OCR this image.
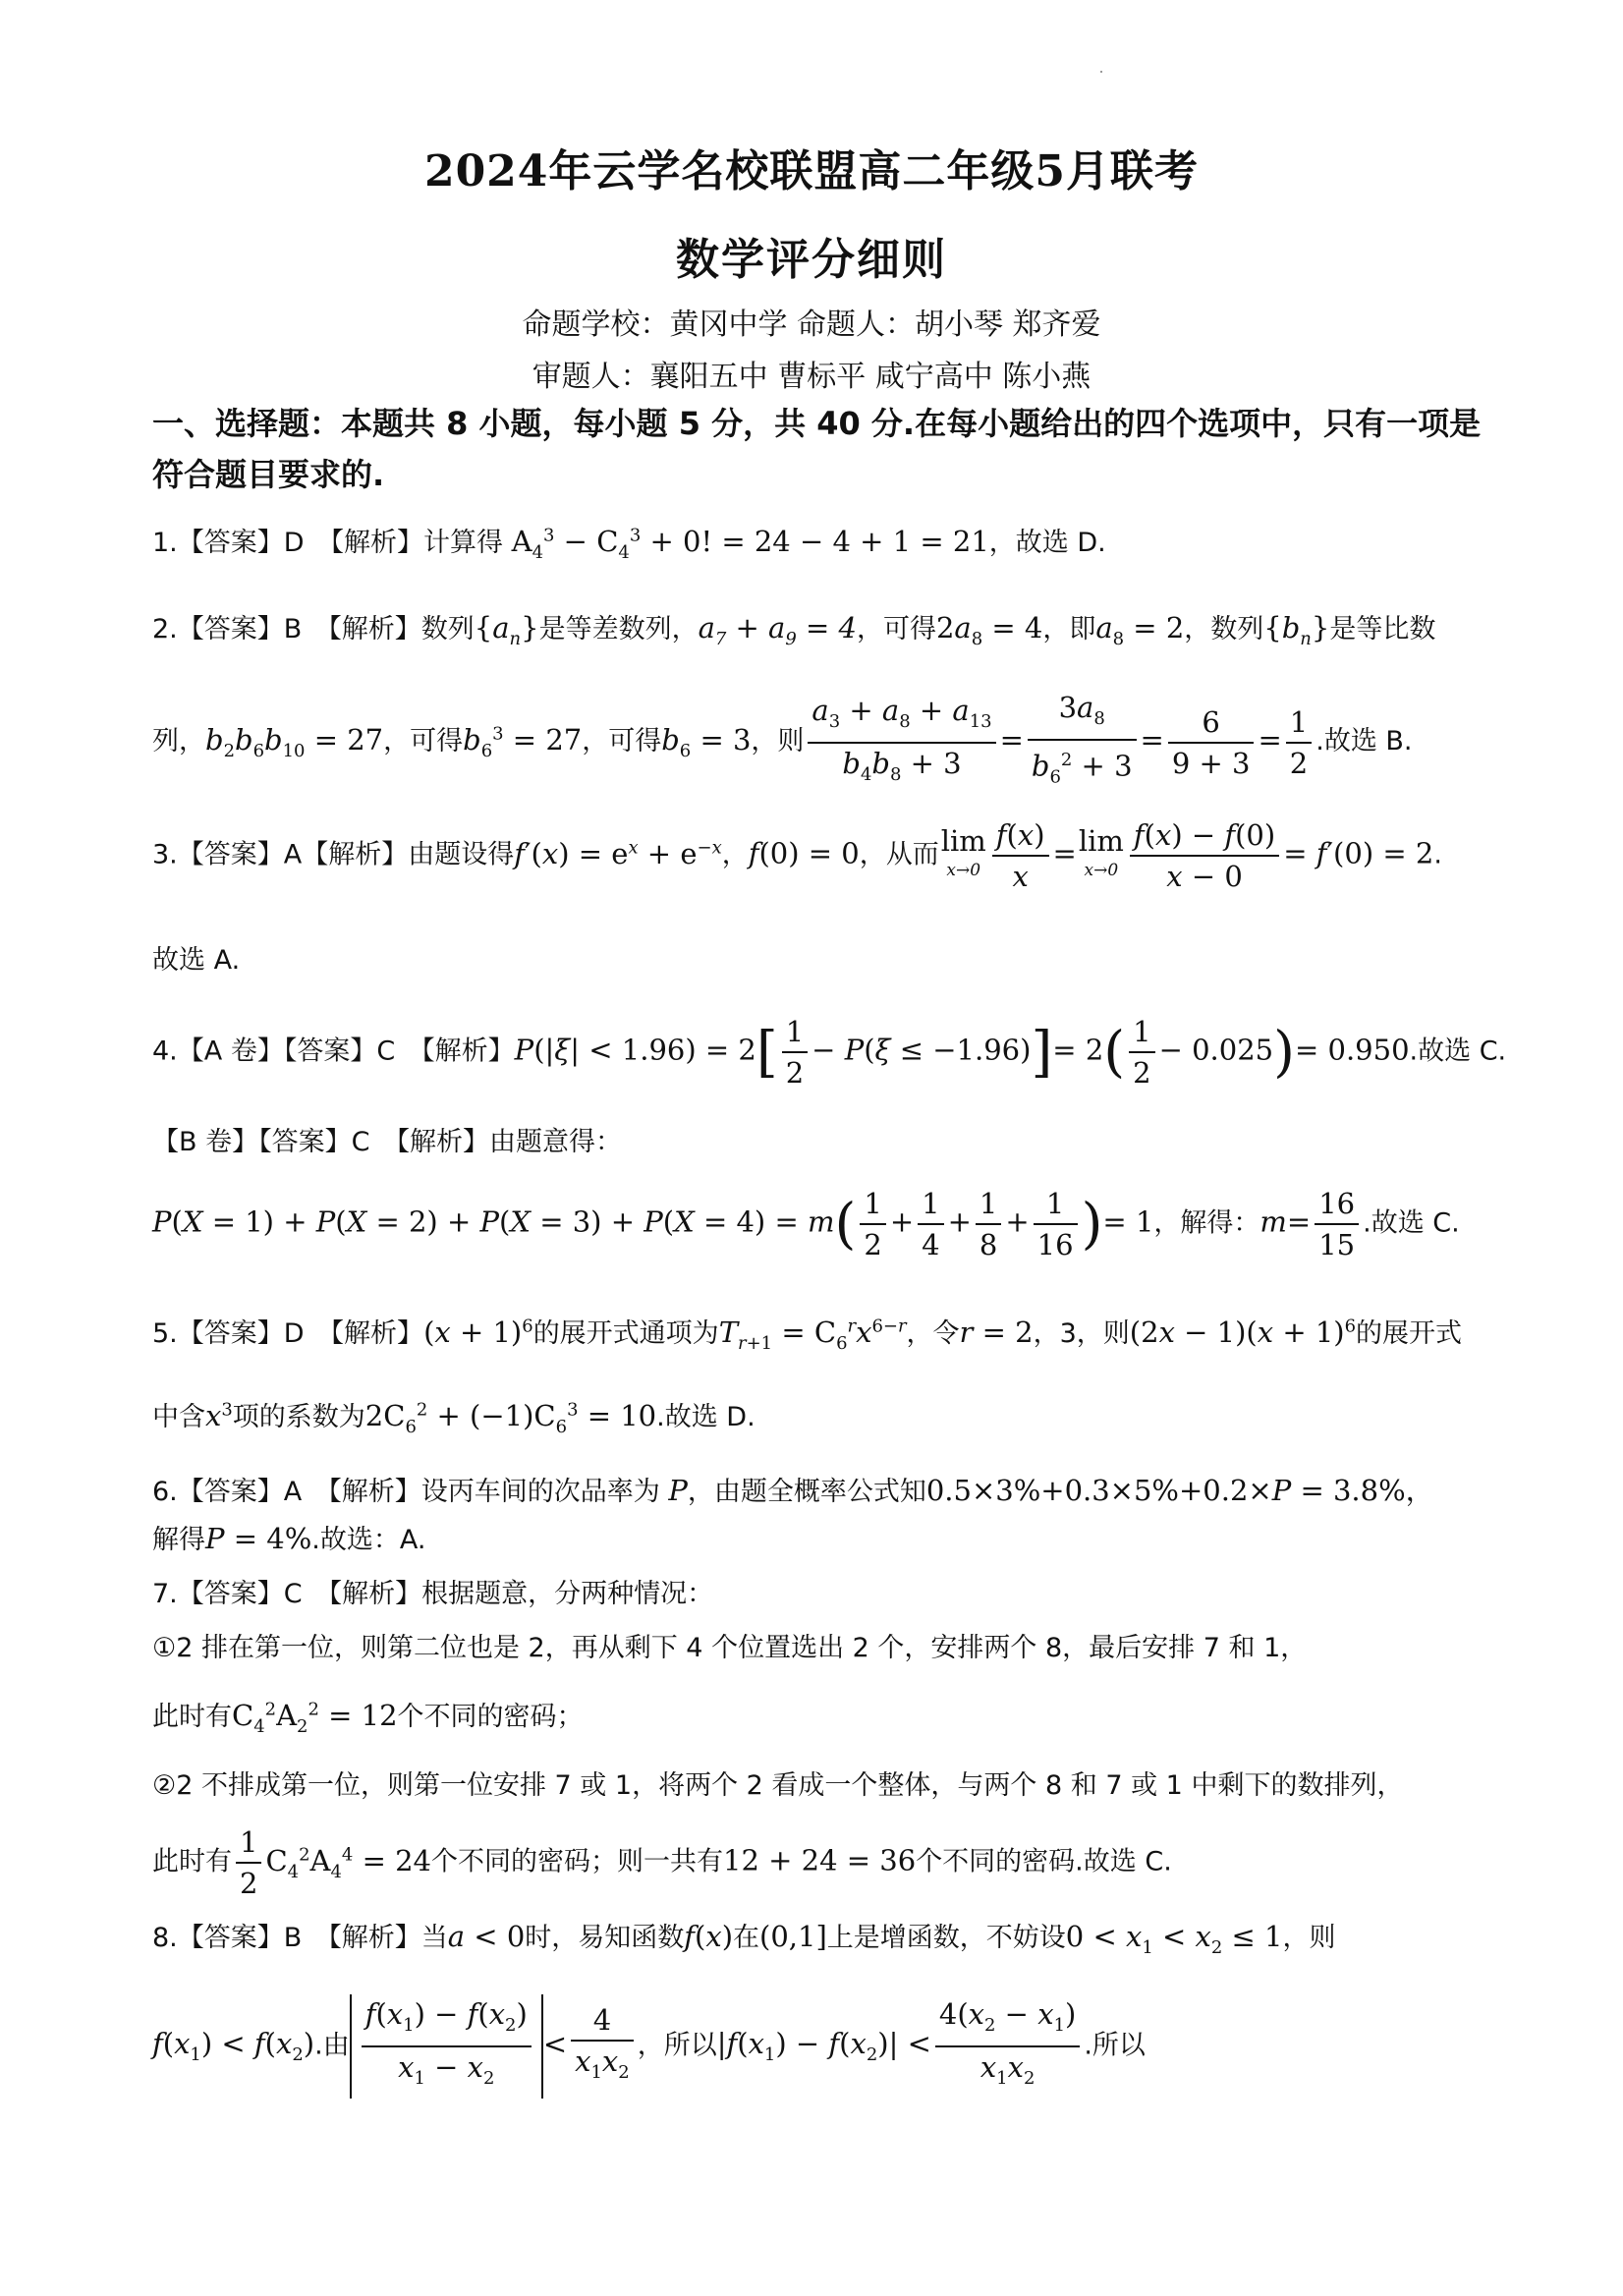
2024年云学名校联盟高二年级5月联考
数学评分细则
命题学校：黄冈中学 命题人：胡小琴 郑齐爱
审题人：襄阳五中 曹标平 咸宁高中 陈小燕
一、选择题：本题共 8 小题，每小题 5 分，共 40 分.在每小题给出的四个选项中，只有一项是符合题目要求的.
1.【答案】D　【解析】计算得 $A_4^3 - C_4^3 + 0$! = 24 − 4 + 1 = 21，故选 D.
2.【答案】B　【解析】数列$\{a_n\}$是等差数列，$a_7 + a_9 = 4$，可得$2a_8 = 4$，即$a_8 = 2$，数列$\{b_n\}$是等比数
列，$b_2b_6b_{10} = 27$，可得$b_6^3 = 27$，可得$b_6 = 3$，则 $\frac{a_3 + a_8 + a_{13}}{b_4b_8 + 3} = \frac{3a_8}{b_6^2 + 3} = \frac{6}{9 + 3} = \frac{1}{2}$ .故选 B.
3.【答案】A【解析】由题设得$f'(x) = e^x + e^{-x}$，f(0) = 0，从而 lim
$x\to 0 \frac{f(x)}{x} = \lim$
$x\to 0 \frac{f(x) - f(0)}{x - 0} = f'(0) = 2$.
故选 A.
4.【A 卷】【答案】C　【解析】$P(|\xi| < 1.96) = 2[ \frac{1}{2} - P(\xi \le -1.96)]= 2( \frac{1}{2} - 0.025)= 0.950$.故选 C.
【B 卷】【答案】C　【解析】由题意得：
$P(X = 1) + P(X = 2) + P(X = 3) + P(X = 4) = m( \frac{1}{2} + \frac{1}{4} + \frac{1}{8} + \frac{1}{16}$ )= 1，解得：$m= \frac{16}{15}$ .故选 C.
5.【答案】D　【解析】$(x + 1)^6$的展开式通项为$T_{r+1} = C_6^rx^{6-r}$，令r = 2，3，则$(2x - 1)(x + 1)^6$的展开式
中含$x^3$项的系数为$2C_6^2 + (-1)C_6^3 = 10$.故选 D.
6.【答案】A　【解析】设丙车间的次品率为 P，由题全概率公式知0.5×3%+0.3×5%+0.2×P = 3.8%，
解得P = 4%.故选：A.
7.【答案】C　【解析】根据题意，分两种情况：
①2 排在第一位，则第二位也是 2，再从剩下 4 个位置选出 2 个，安排两个 8，最后安排 7 和 1，
此时有$C_4^2A_2^2 = 12$个不同的密码；
②2 不排成第一位，则第一位安排 7 或 1，将两个 2 看成一个整体，与两个 8 和 7 或 1 中剩下的数排列，
此时有 $\frac{1}{2} C_4^2A_4^4 = 24$个不同的密码；则一共有12 + 24 = 36个不同的密码.故选 C.
8.【答案】B　【解析】当a < 0时，易知函数f(x)在(0,1]上是增函数，不妨设$0 < x_1 < x_2 \le 1$，则
$f(x_1) < f(x_2)$.由 $\frac{f(x_1) - f(x_2)}{x_1 - x_2} < \frac{4}{x_1x_2}$ ，所以$|f(x_1) - f(x_2)| < \frac{4(x_2 - x_1)}{x_1x_2}$ .所以
